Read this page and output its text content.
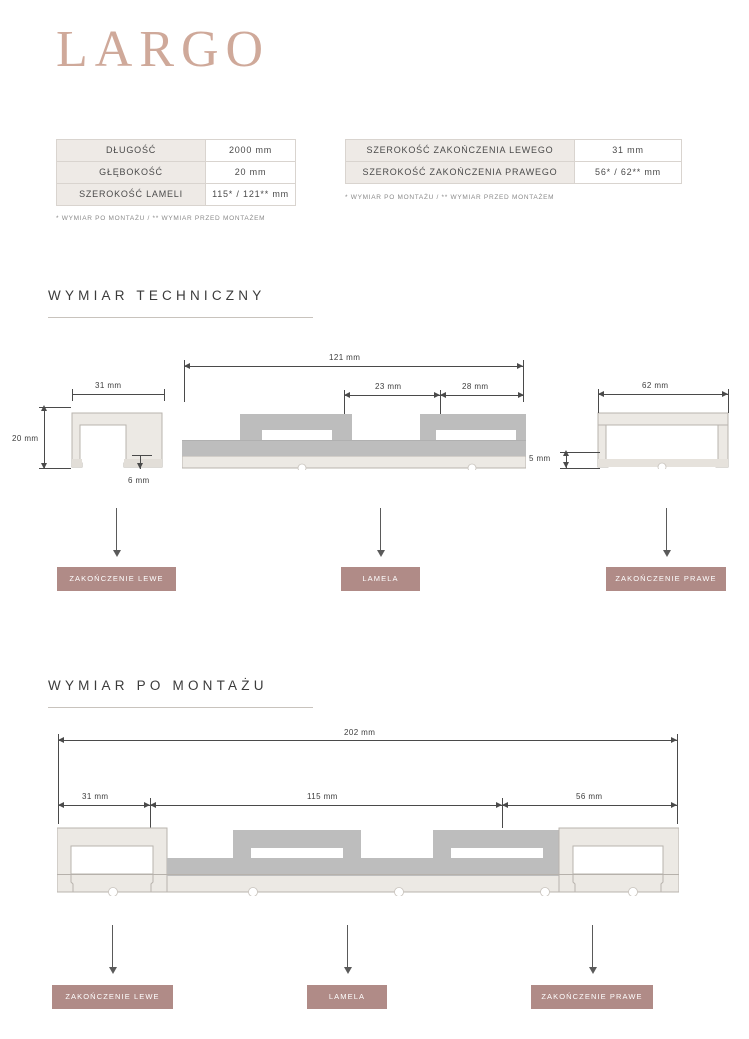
LARGO
DŁUGOŚĆ	2000 mm
GŁĘBOKOŚĆ	20 mm
SZEROKOŚĆ LAMELI	115* / 121** mm
* WYMIAR PO MONTAŻU / ** WYMIAR PRZED MONTAŻEM
SZEROKOŚĆ ZAKOŃCZENIA LEWEGO	31 mm
SZEROKOŚĆ ZAKOŃCZENIA PRAWEGO	56* / 62** mm
* WYMIAR PO MONTAŻU / ** WYMIAR PRZED MONTAŻEM
WYMIAR TECHNICZNY
31 mm
20 mm
6 mm
121 mm
23 mm	28 mm	62 mm
5 mm
ZAKOŃCZENIE LEWE	LAMELA	ZAKOŃCZENIE PRAWE
WYMIAR PO MONTAŻU
202 mm
31 mm	115 mm	56 mm
ZAKOŃCZENIE LEWE	LAMELA	ZAKOŃCZENIE PRAWE
